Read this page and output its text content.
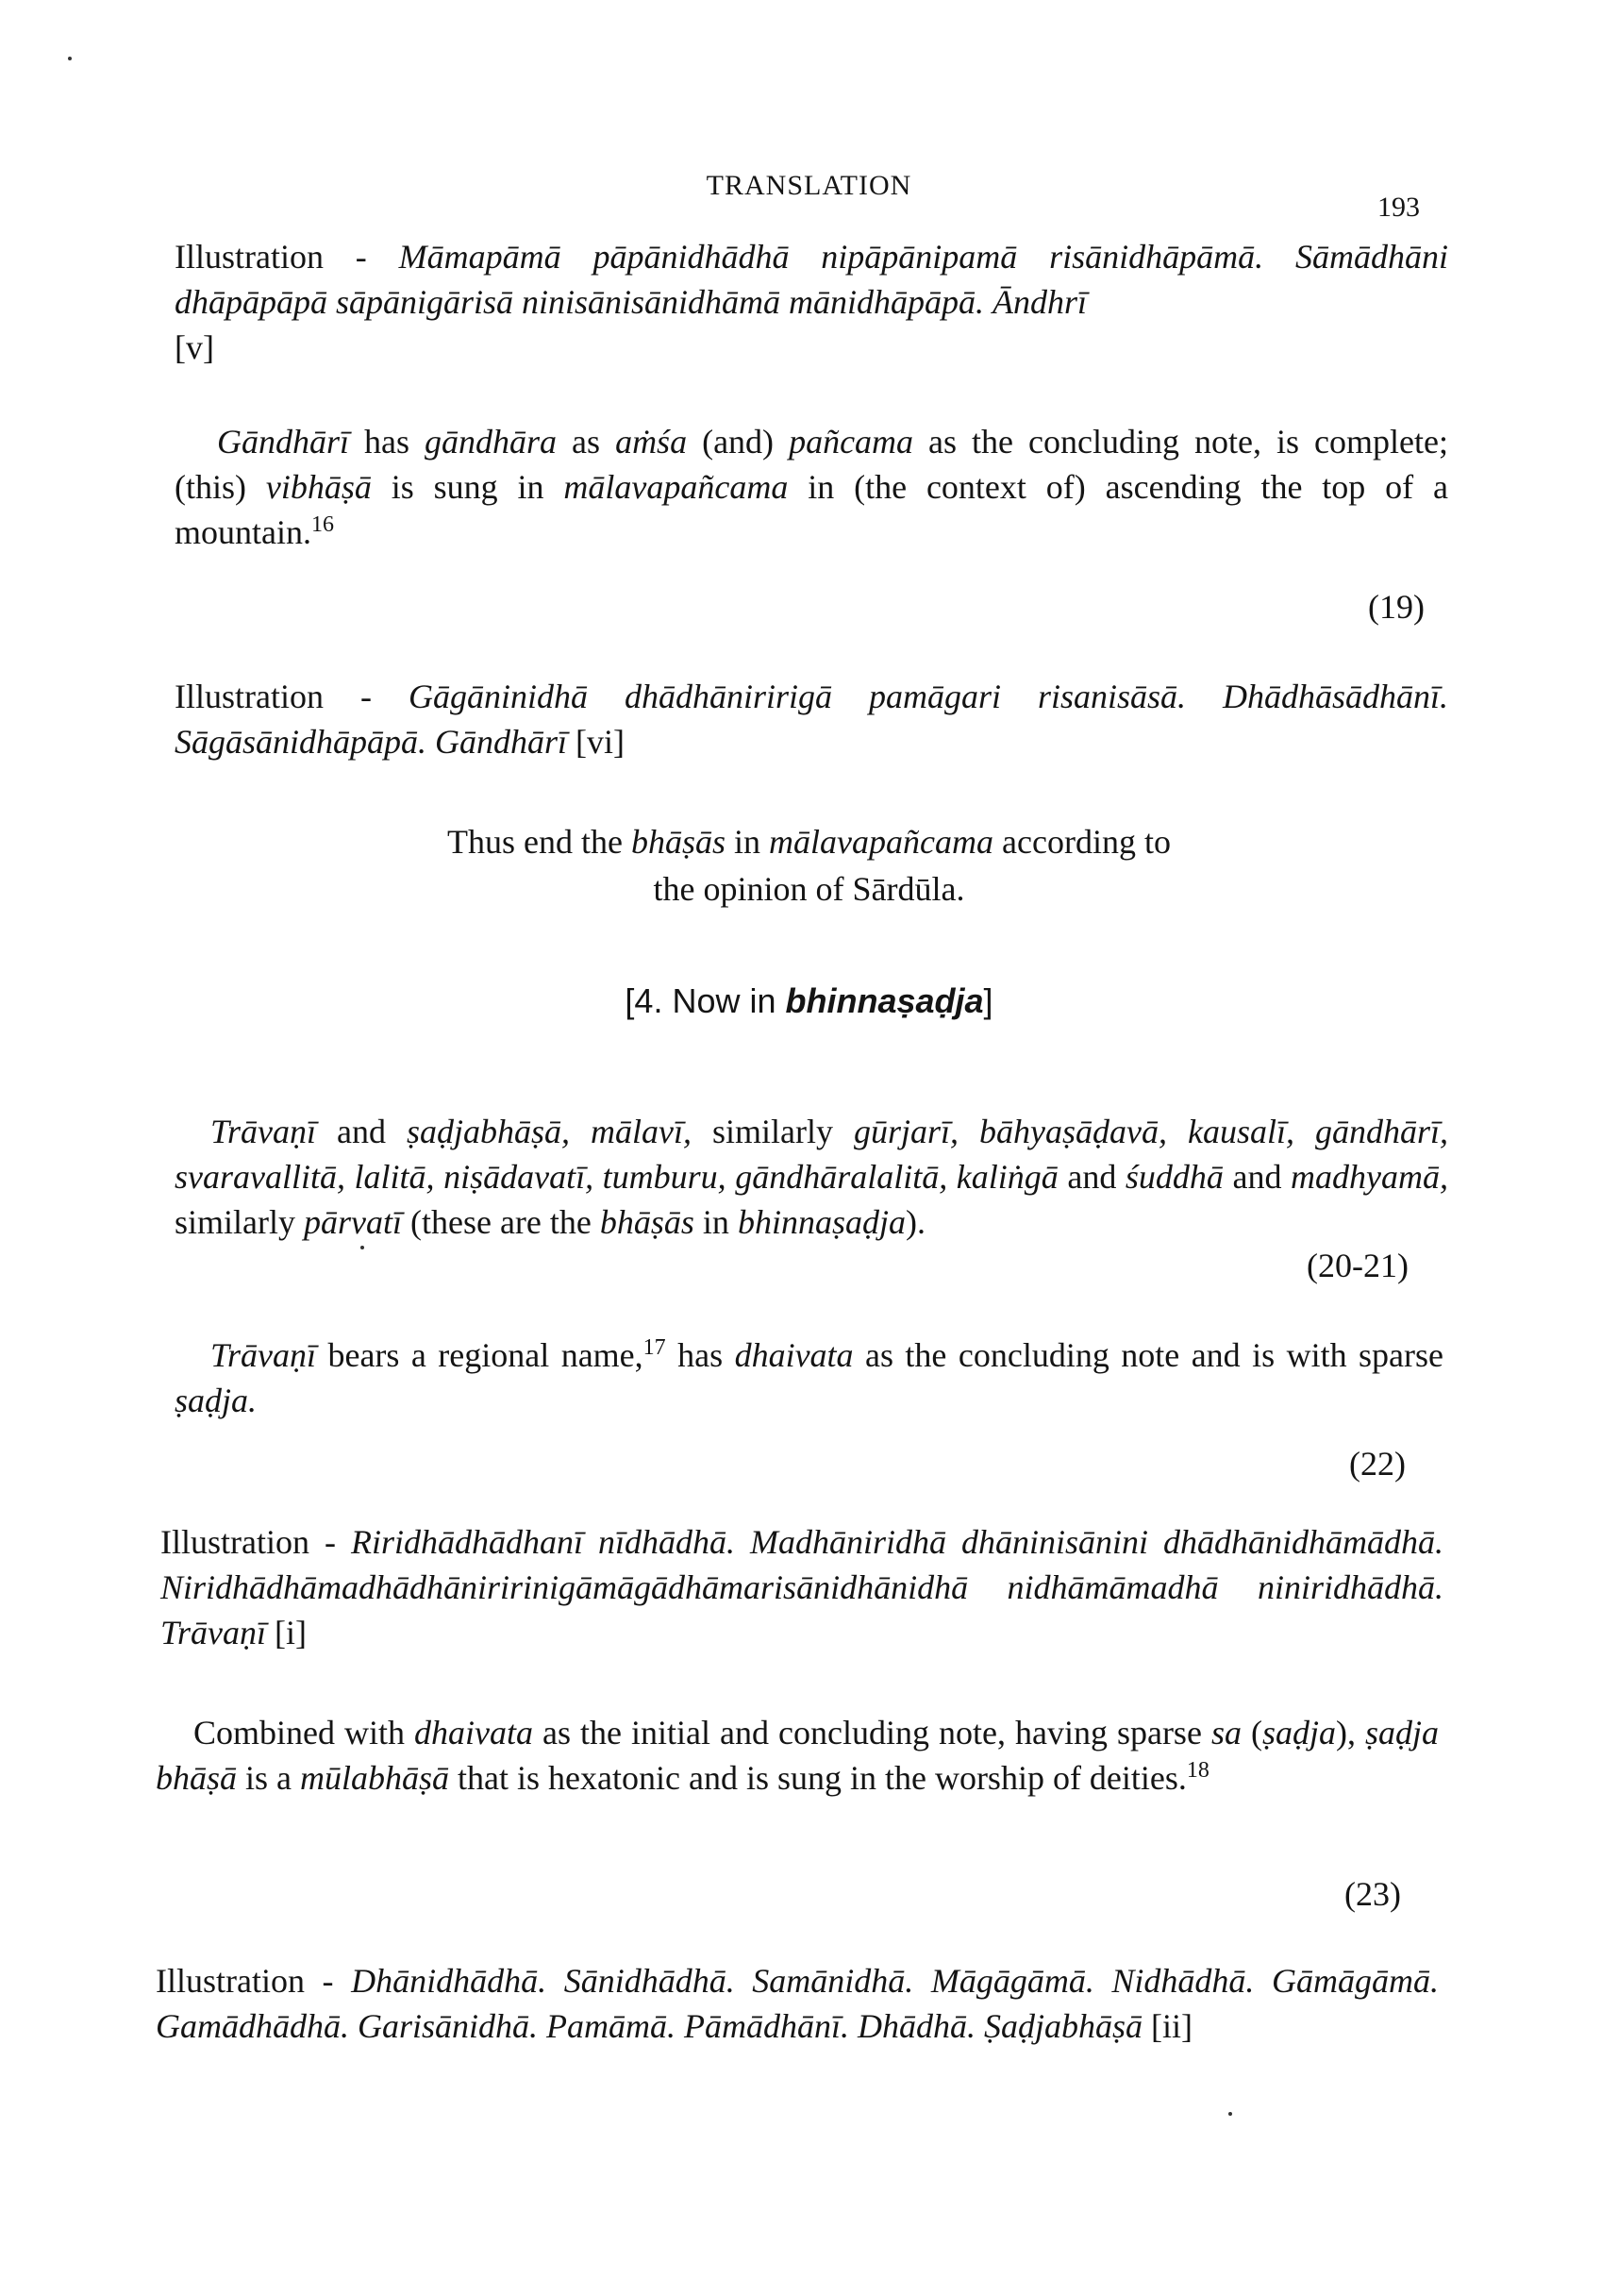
TRANSLATION
193

Illustration - Māmapāmā pāpānidhādhā nipāpānipamā risānidhāpāmā. Sāmādhāni dhāpāpāpā sāpānigārisā ninisānisānidhāmā mānidhāpāpā. Āndhrī
[v]

Gāndhārī has gāndhāra as aṁśa (and) pañcama as the concluding note, is complete; (this) vibhāṣā is sung in mālavapañcama in (the context of) ascending the top of a mountain.$^{16}$

(19)

Illustration - Gāgāninidhā dhādhāniririgā pamāgari risanisāsā. Dhādhāsādhānī. Sāgāsānidhāpāpā. Gāndhārī [vi]

Thus end the bhāṣās in mālavapañcama according to
the opinion of Sārdūla.
[4. Now in bhinnaṣaḍja]

Trāvaṇī and ṣaḍjabhāṣā, mālavī, similarly gūrjarī, bāhyaṣāḍavā, kausalī, gāndhārī, svaravallitā, lalitā, niṣādavatī, tumburu, gāndhāralalitā, kaliṅgā and śuddhā and madhyamā, similarly pārvatī (these are the bhāṣās in bhinnaṣaḍja).

(20-21)

Trāvaṇī bears a regional name,$^{17}$ has dhaivata as the concluding note and is with sparse ṣaḍja.

(22)

Illustration - Riridhādhādhanī nīdhādhā. Madhāniridhā dhāninisānini dhādhānidhāmādhā. Niridhādhāmadhādhāniririnigāmāgādhāmarisānidhānidhā nidhāmāmadhā niniridhādhā. Trāvaṇī [i]

Combined with dhaivata as the initial and concluding note, having sparse sa (ṣaḍja), ṣaḍja bhāṣā is a mūlabhāṣā that is hexatonic and is sung in the worship of deities.$^{18}$

(23)

Illustration - Dhānidhādhā. Sānidhādhā. Samānidhā. Māgāgāmā. Nidhādhā. Gāmāgāmā. Gamādhādhā. Garisānidhā. Pamāmā. Pāmādhānī. Dhādhā. Ṣaḍjabhāṣā [ii]
